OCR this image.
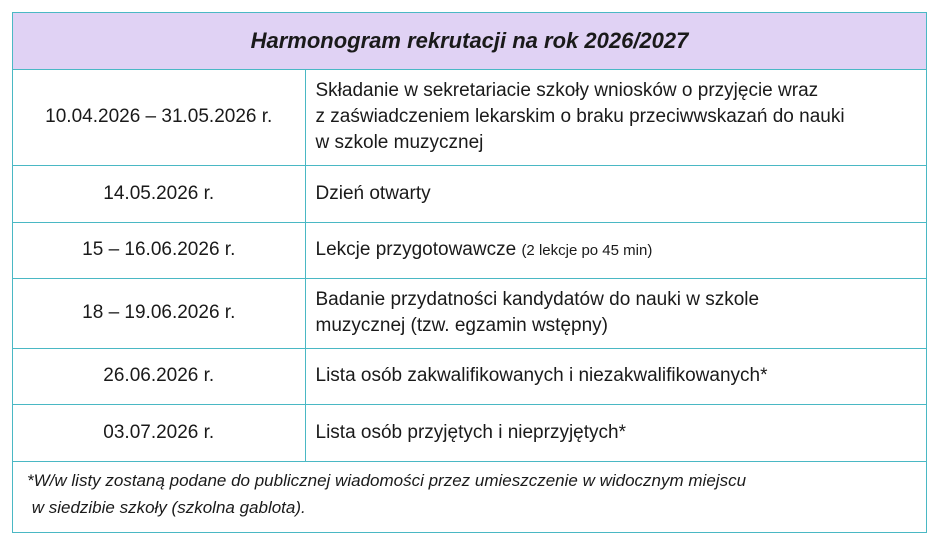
Harmonogram rekrutacji na rok 2026/2027
10.04.2026 – 31.05.2026 r.	Składanie w sekretariacie szkoły wniosków o przyjęcie wraz
z zaświadczeniem lekarskim o braku przeciwwskazań do nauki
w szkole muzycznej

14.05.2026 r.	Dzień otwarty
15 – 16.06.2026 r.	Lekcje przygotowawcze (2 lekcje po 45 min)
18 – 19.06.2026 r.	Badanie przydatności kandydatów do nauki w szkole
muzycznej (tzw. egzamin wstępny)

26.06.2026 r.	Lista osób zakwalifikowanych i niezakwalifikowanych*
03.07.2026 r.	Lista osób przyjętych i nieprzyjętych*
*W/w listy zostaną podane do publicznej wiadomości przez umieszczenie w widocznym miejscu
w siedzibie szkoły (szkolna gablota).
